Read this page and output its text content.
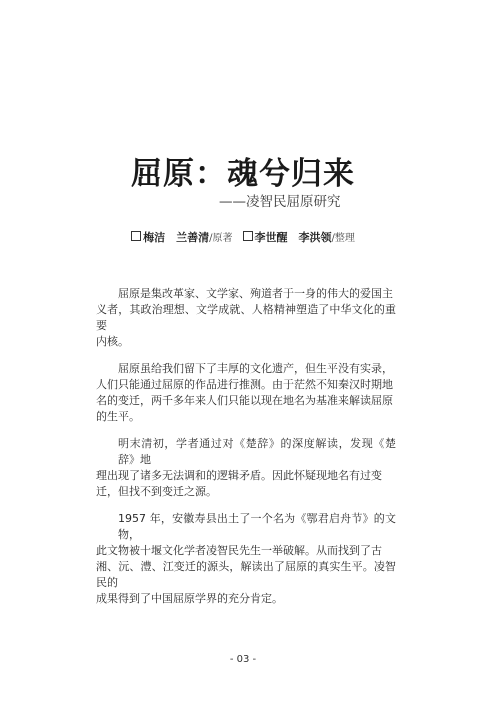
屈原：魂兮归来
——凌智民屈原研究
梅洁　兰善清/原著 李世醒　李洪领/整理

屈原是集改革家、文学家、殉道者于一身的伟大的爱国主
义者，其政治理想、文学成就、人格精神塑造了中华文化的重要
内核。

屈原虽给我们留下了丰厚的文化遗产，但生平没有实录，
人们只能通过屈原的作品进行推测。由于茫然不知秦汉时期地
名的变迁，两千多年来人们只能以现在地名为基准来解读屈原
的生平。

明末清初，学者通过对《楚辞》的深度解读，发现《楚辞》地
理出现了诸多无法调和的逻辑矛盾。因此怀疑现地名有过变
迁，但找不到变迁之源。

1957 年，安徽寿县出土了一个名为《鄂君启舟节》的文物，
此文物被十堰文化学者凌智民先生一举破解。从而找到了古
湘、沅、澧、江变迁的源头，解读出了屈原的真实生平。凌智民的
成果得到了中国屈原学界的充分肯定。

- 03 -
